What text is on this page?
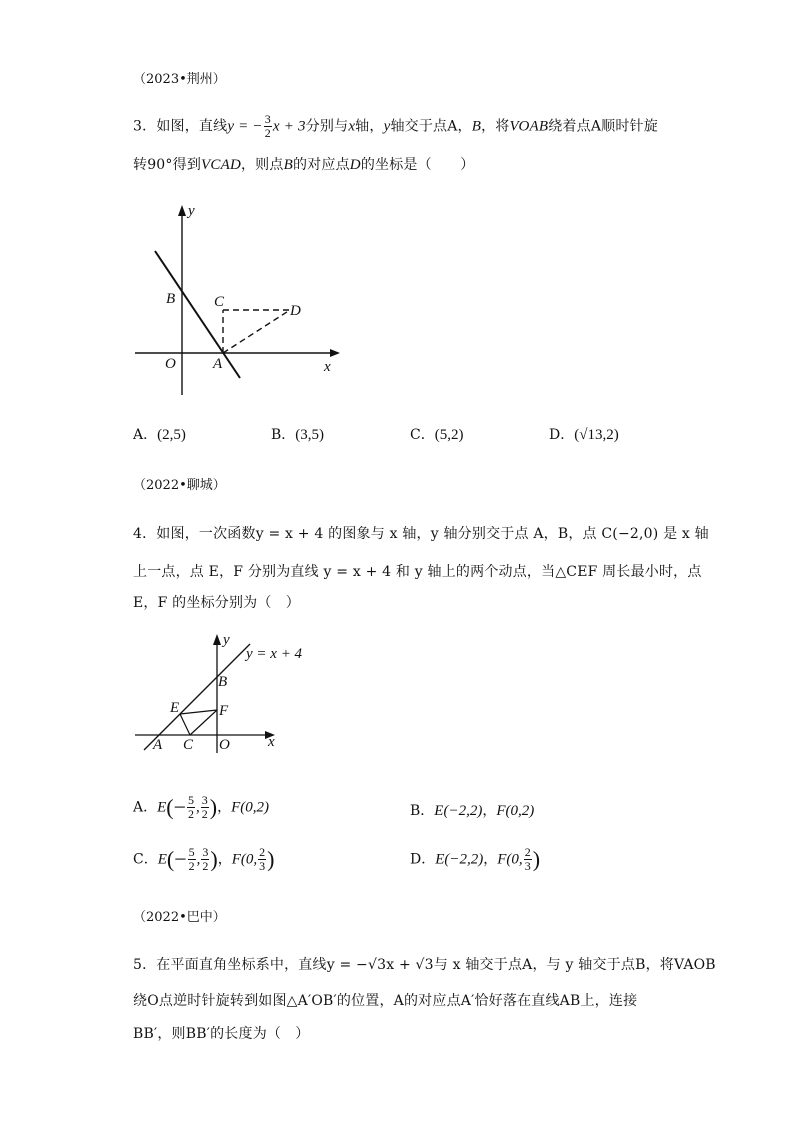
（2023•荆州）
3．如图，直线y = − $\frac{3}{2}$ x + 3分别与x轴，y轴交于点A，B，将VOAB绕着点A顺时针旋
转90°得到VCAD，则点B的对应点D的坐标是（　　）
y
x
B	C
D
O A
A．(2,5)	B．(3,5)	C．(5,2)	D．(√13,2)
（2022•聊城）
4．如图，一次函数y = x + 4 的图象与 x 轴，y 轴分别交于点 A，B，点 C(−2,0) 是 x 轴
上一点，点 E，F 分别为直线 y = x + 4 和 y 轴上的两个动点，当△CEF 周长最小时，点
E，F 的坐标分别为（　）
y
y = x + 4
B
E	F
A C O	x
A．$E(- \frac{5}{2}$ , $\frac{3}{2}$ )，F(0,2)	B．E(−2,2)，F(0,2)
C．$E(- \frac{5}{2}$ , $\frac{3}{2}$ )，F(0, $\frac{2}{3}$ )	D．E(−2,2)，F(0, $\frac{2}{3}$ )
（2022•巴中）
5．在平面直角坐标系中，直线y = −√3x + √3与 x 轴交于点A，与 y 轴交于点B，将VAOB
绕O点逆时针旋转到如图△A′OB′的位置，A的对应点A′恰好落在直线AB上，连接
BB′，则BB′的长度为（　）
